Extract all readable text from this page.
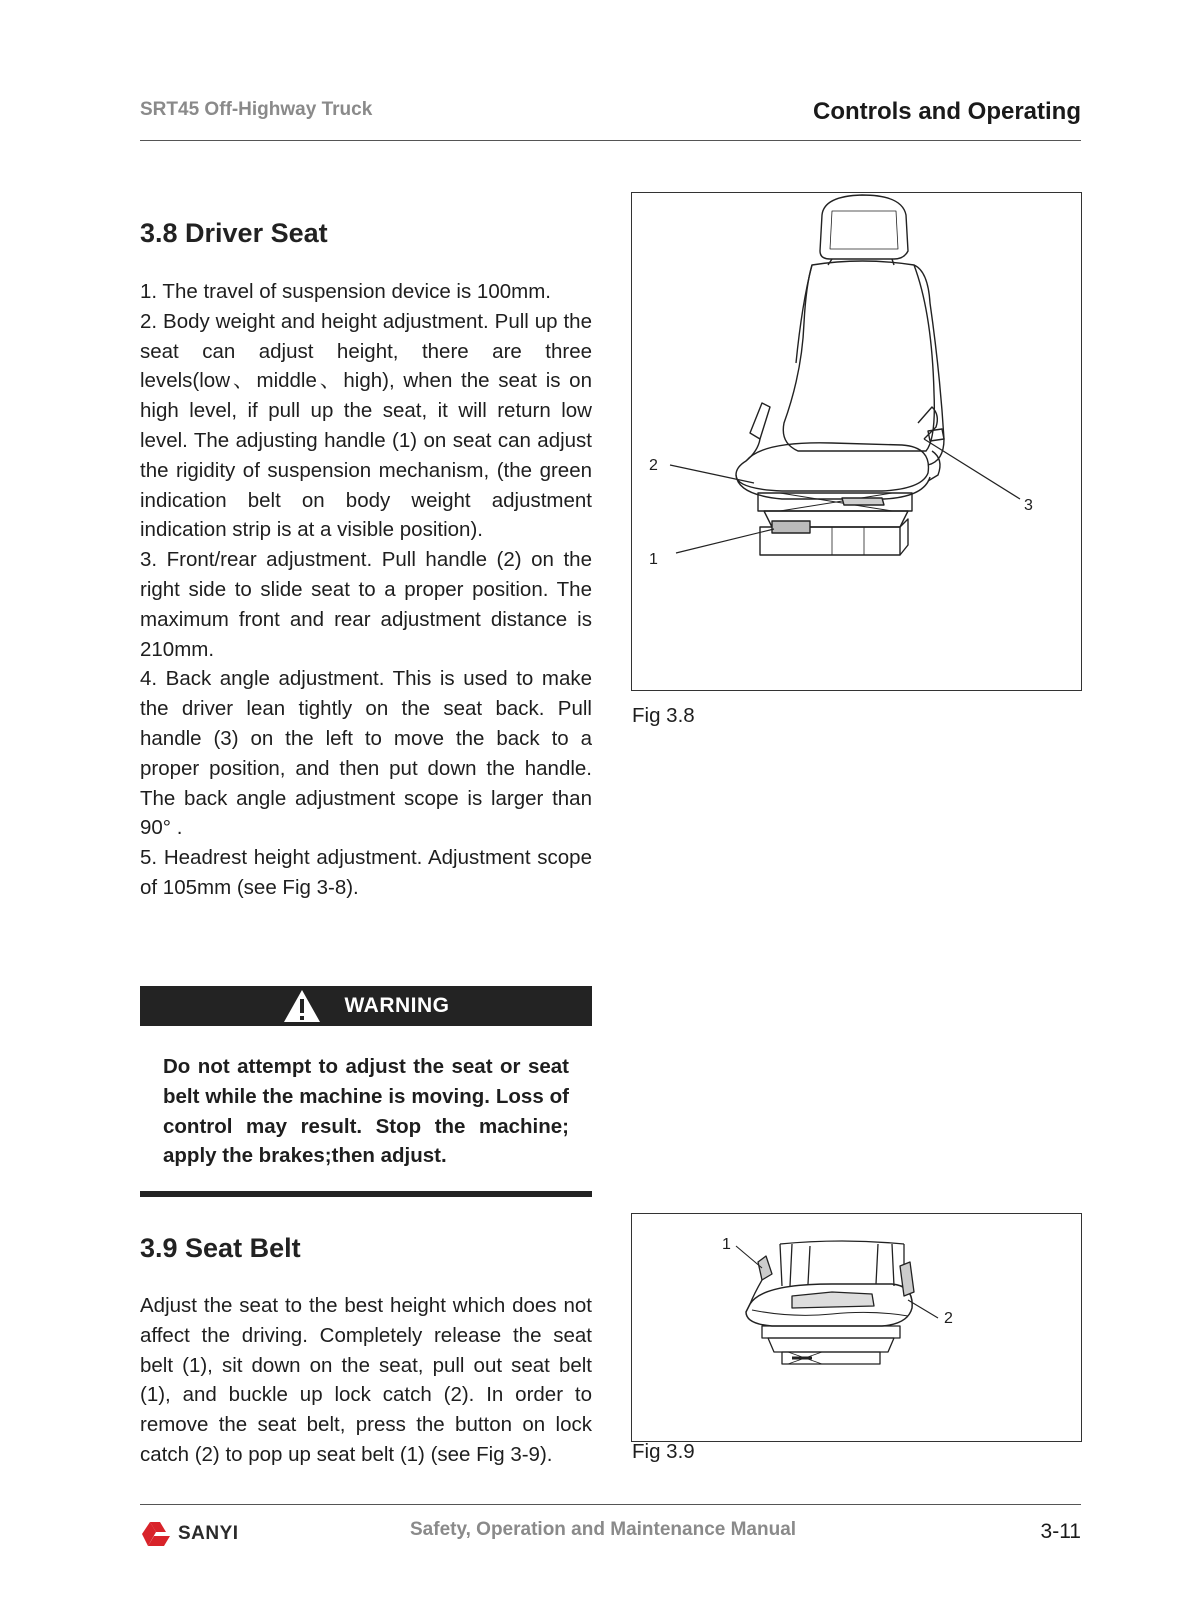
SRT45 Off-Highway Truck	Controls and Operating
3.8 Driver Seat

1. The travel of suspension device is 100mm.

2. Body weight and height adjustment. Pull up the seat can adjust height, there are three levels(low、middle、high), when the seat is on high level, if pull up the seat, it will return low level. The adjusting handle (1) on seat can adjust the rigidity of suspension mechanism, (the green indication belt on body weight adjustment indication strip is at a visible position).

3. Front/rear adjustment. Pull handle (2) on the right side to slide seat to a proper position. The maximum front and rear adjustment distance is 210mm.

4. Back angle adjustment. This is used to make the driver lean tightly on the seat back. Pull handle (3) on the left to move the back to a proper position, and then put down the handle. The back angle adjustment scope is larger than 90° .

5. Headrest height adjustment. Adjustment scope of 105mm (see Fig 3-8).

WARNING
Do not attempt to adjust the seat or seat belt while the machine is moving. Loss of control may result. Stop the machine; apply the brakes;then adjust.
3.9 Seat Belt

Adjust the seat to the best height which does not affect the driving. Completely release the seat belt (1), sit down on the seat, pull out seat belt (1), and buckle up lock catch (2). In order to remove the seat belt, press the button on lock catch (2) to pop up seat belt (1) (see Fig 3-9).

2
3
1
Fig 3.8
1
2
Fig 3.9
SANYI	Safety, Operation and Maintenance Manual	3-11
